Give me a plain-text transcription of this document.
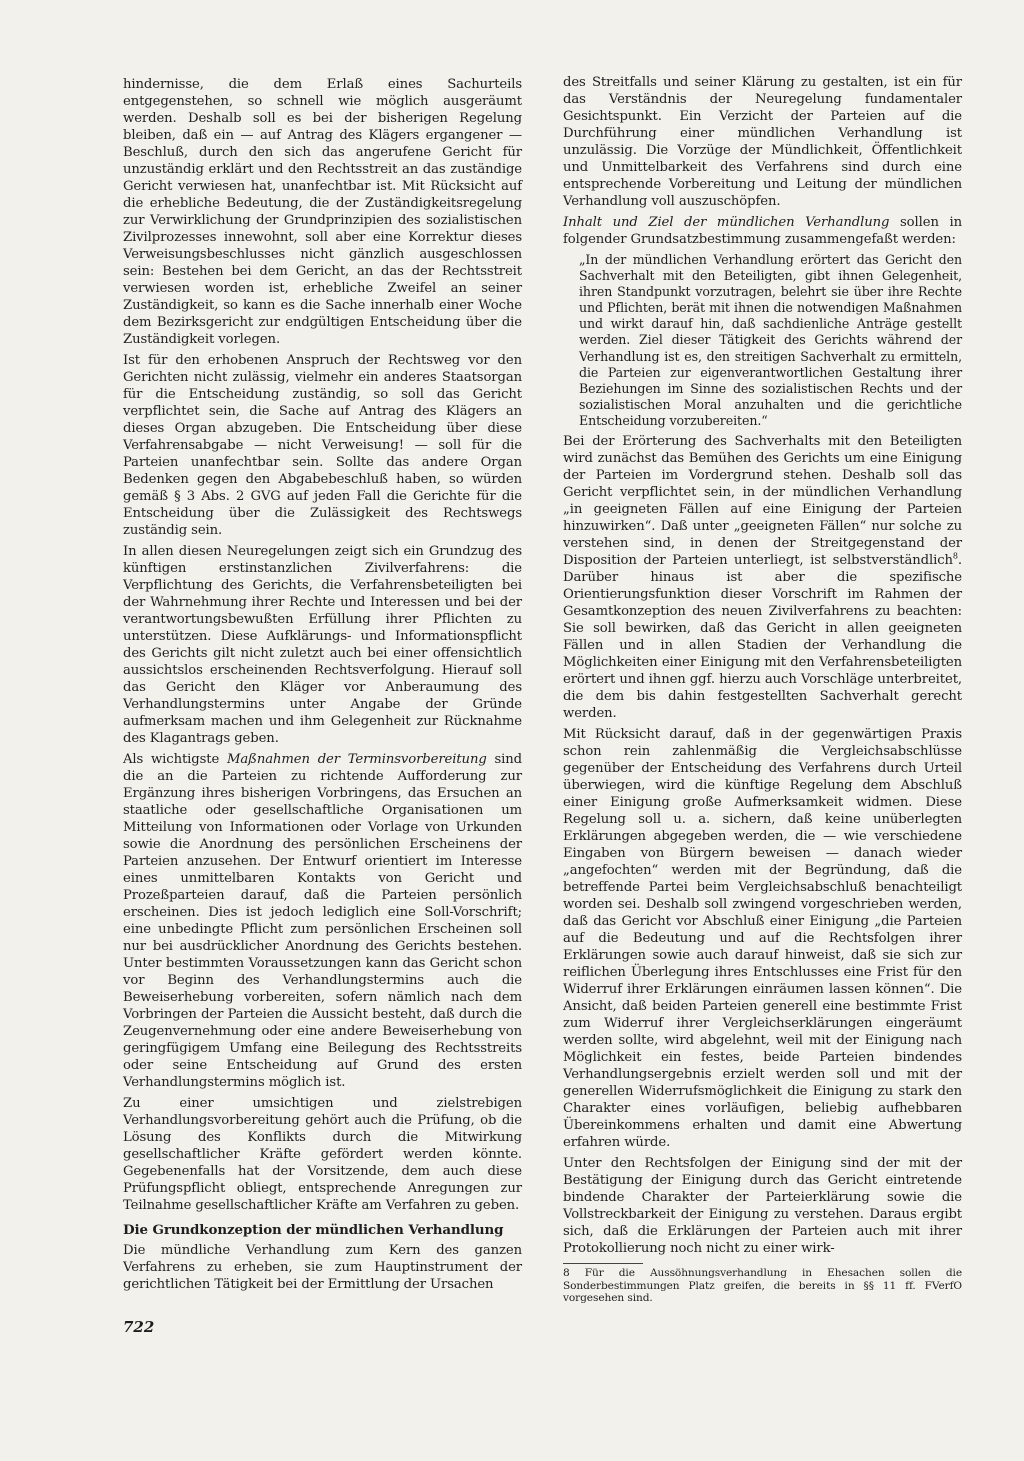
hindernisse, die dem Erlaß eines Sachurteils entgegenstehen, so schnell wie möglich ausgeräumt werden. Deshalb soll es bei der bisherigen Regelung bleiben, daß ein — auf Antrag des Klägers ergangener — Beschluß, durch den sich das angerufene Gericht für unzuständig erklärt und den Rechtsstreit an das zuständige Gericht verwiesen hat, unanfechtbar ist. Mit Rücksicht auf die erhebliche Bedeutung, die der Zuständigkeitsregelung zur Verwirklichung der Grundprinzipien des sozialistischen Zivilprozesses innewohnt, soll aber eine Korrektur dieses Verweisungsbeschlusses nicht gänzlich ausgeschlossen sein: Bestehen bei dem Gericht, an das der Rechtsstreit verwiesen worden ist, erhebliche Zweifel an seiner Zuständigkeit, so kann es die Sache innerhalb einer Woche dem Bezirksgericht zur endgültigen Entscheidung über die Zuständigkeit vorlegen.

Ist für den erhobenen Anspruch der Rechtsweg vor den Gerichten nicht zulässig, vielmehr ein anderes Staatsorgan für die Entscheidung zuständig, so soll das Gericht verpflichtet sein, die Sache auf Antrag des Klägers an dieses Organ abzugeben. Die Entscheidung über diese Verfahrensabgabe — nicht Verweisung! — soll für die Parteien unanfechtbar sein. Sollte das andere Organ Bedenken gegen den Abgabebeschluß haben, so würden gemäß § 3 Abs. 2 GVG auf jeden Fall die Gerichte für die Entscheidung über die Zulässigkeit des Rechtswegs zuständig sein.

In allen diesen Neuregelungen zeigt sich ein Grundzug des künftigen erstinstanzlichen Zivilverfahrens: die Verpflichtung des Gerichts, die Verfahrensbeteiligten bei der Wahrnehmung ihrer Rechte und Interessen und bei der verantwortungsbewußten Erfüllung ihrer Pflichten zu unterstützen. Diese Aufklärungs- und Informationspflicht des Gerichts gilt nicht zuletzt auch bei einer offensichtlich aussichtslos erscheinenden Rechtsverfolgung. Hierauf soll das Gericht den Kläger vor Anberaumung des Verhandlungstermins unter Angabe der Gründe aufmerksam machen und ihm Gelegenheit zur Rücknahme des Klagantrags geben.

Als wichtigste Maßnahmen der Terminsvorbereitung sind die an die Parteien zu richtende Aufforderung zur Ergänzung ihres bisherigen Vorbringens, das Ersuchen an staatliche oder gesellschaftliche Organisationen um Mitteilung von Informationen oder Vorlage von Urkunden sowie die Anordnung des persönlichen Erscheinens der Parteien anzusehen. Der Entwurf orientiert im Interesse eines unmittelbaren Kontakts von Gericht und Prozeßparteien darauf, daß die Parteien persönlich erscheinen. Dies ist jedoch lediglich eine Soll-Vorschrift; eine unbedingte Pflicht zum persönlichen Erscheinen soll nur bei ausdrücklicher Anordnung des Gerichts bestehen. Unter bestimmten Voraussetzungen kann das Gericht schon vor Beginn des Verhandlungstermins auch die Beweiserhebung vorbereiten, sofern nämlich nach dem Vorbringen der Parteien die Aussicht besteht, daß durch die Zeugenvernehmung oder eine andere Beweiserhebung von geringfügigem Umfang eine Beilegung des Rechtsstreits oder seine Entscheidung auf Grund des ersten Verhandlungstermins möglich ist.

Zu einer umsichtigen und zielstrebigen Verhandlungsvorbereitung gehört auch die Prüfung, ob die Lösung des Konflikts durch die Mitwirkung gesellschaftlicher Kräfte gefördert werden könnte. Gegebenenfalls hat der Vorsitzende, dem auch diese Prüfungspflicht obliegt, entsprechende Anregungen zur Teilnahme gesellschaftlicher Kräfte am Verfahren zu geben.

Die Grundkonzeption der mündlichen Verhandlung

Die mündliche Verhandlung zum Kern des ganzen Verfahrens zu erheben, sie zum Hauptinstrument der gerichtlichen Tätigkeit bei der Ermittlung der Ursachen

des Streitfalls und seiner Klärung zu gestalten, ist ein für das Verständnis der Neuregelung fundamentaler Gesichtspunkt. Ein Verzicht der Parteien auf die Durchführung einer mündlichen Verhandlung ist unzulässig. Die Vorzüge der Mündlichkeit, Öffentlichkeit und Unmittelbarkeit des Verfahrens sind durch eine entsprechende Vorbereitung und Leitung der mündlichen Verhandlung voll auszuschöpfen.

Inhalt und Ziel der mündlichen Verhandlung sollen in folgender Grundsatzbestimmung zusammengefaßt werden:

„In der mündlichen Verhandlung erörtert das Gericht den Sachverhalt mit den Beteiligten, gibt ihnen Gelegenheit, ihren Standpunkt vorzutragen, belehrt sie über ihre Rechte und Pflichten, berät mit ihnen die notwendigen Maßnahmen und wirkt darauf hin, daß sachdienliche Anträge gestellt werden. Ziel dieser Tätigkeit des Gerichts während der Verhandlung ist es, den streitigen Sachverhalt zu ermitteln, die Parteien zur eigenverantwortlichen Gestaltung ihrer Beziehungen im Sinne des sozialistischen Rechts und der sozialistischen Moral anzuhalten und die gerichtliche Entscheidung vorzubereiten.“

Bei der Erörterung des Sachverhalts mit den Beteiligten wird zunächst das Bemühen des Gerichts um eine Einigung der Parteien im Vordergrund stehen. Deshalb soll das Gericht verpflichtet sein, in der mündlichen Verhandlung „in geeigneten Fällen auf eine Einigung der Parteien hinzuwirken“. Daß unter „geeigneten Fällen“ nur solche zu verstehen sind, in denen der Streitgegenstand der Disposition der Parteien unterliegt, ist selbstverständlich$^8$. Darüber hinaus ist aber die spezifische Orientierungsfunktion dieser Vorschrift im Rahmen der Gesamtkonzeption des neuen Zivilverfahrens zu beachten: Sie soll bewirken, daß das Gericht in allen geeigneten Fällen und in allen Stadien der Verhandlung die Möglichkeiten einer Einigung mit den Verfahrensbeteiligten erörtert und ihnen ggf. hierzu auch Vorschläge unterbreitet, die dem bis dahin festgestellten Sachverhalt gerecht werden.

Mit Rücksicht darauf, daß in der gegenwärtigen Praxis schon rein zahlenmäßig die Vergleichsabschlüsse gegenüber der Entscheidung des Verfahrens durch Urteil überwiegen, wird die künftige Regelung dem Abschluß einer Einigung große Aufmerksamkeit widmen. Diese Regelung soll u. a. sichern, daß keine unüberlegten Erklärungen abgegeben werden, die — wie verschiedene Eingaben von Bürgern beweisen — danach wieder „angefochten“ werden mit der Begründung, daß die betreffende Partei beim Vergleichsabschluß benachteiligt worden sei. Deshalb soll zwingend vorgeschrieben werden, daß das Gericht vor Abschluß einer Einigung „die Parteien auf die Bedeutung und auf die Rechtsfolgen ihrer Erklärungen sowie auch darauf hinweist, daß sie sich zur reiflichen Überlegung ihres Entschlusses eine Frist für den Widerruf ihrer Erklärungen einräumen lassen können“. Die Ansicht, daß beiden Parteien generell eine bestimmte Frist zum Widerruf ihrer Vergleichserklärungen eingeräumt werden sollte, wird abgelehnt, weil mit der Einigung nach Möglichkeit ein festes, beide Parteien bindendes Verhandlungsergebnis erzielt werden soll und mit der generellen Widerrufsmöglichkeit die Einigung zu stark den Charakter eines vorläufigen, beliebig aufhebbaren Übereinkommens erhalten und damit eine Abwertung erfahren würde.

Unter den Rechtsfolgen der Einigung sind der mit der Bestätigung der Einigung durch das Gericht eintretende bindende Charakter der Parteierklärung sowie die Vollstreckbarkeit der Einigung zu verstehen. Daraus ergibt sich, daß die Erklärungen der Parteien auch mit ihrer Protokollierung noch nicht zu einer wirk-

8 Für die Aussöhnungsverhandlung in Ehesachen sollen die Sonderbestimmungen Platz greifen, die bereits in §§ 11 ff. FVerfO vorgesehen sind.

722
